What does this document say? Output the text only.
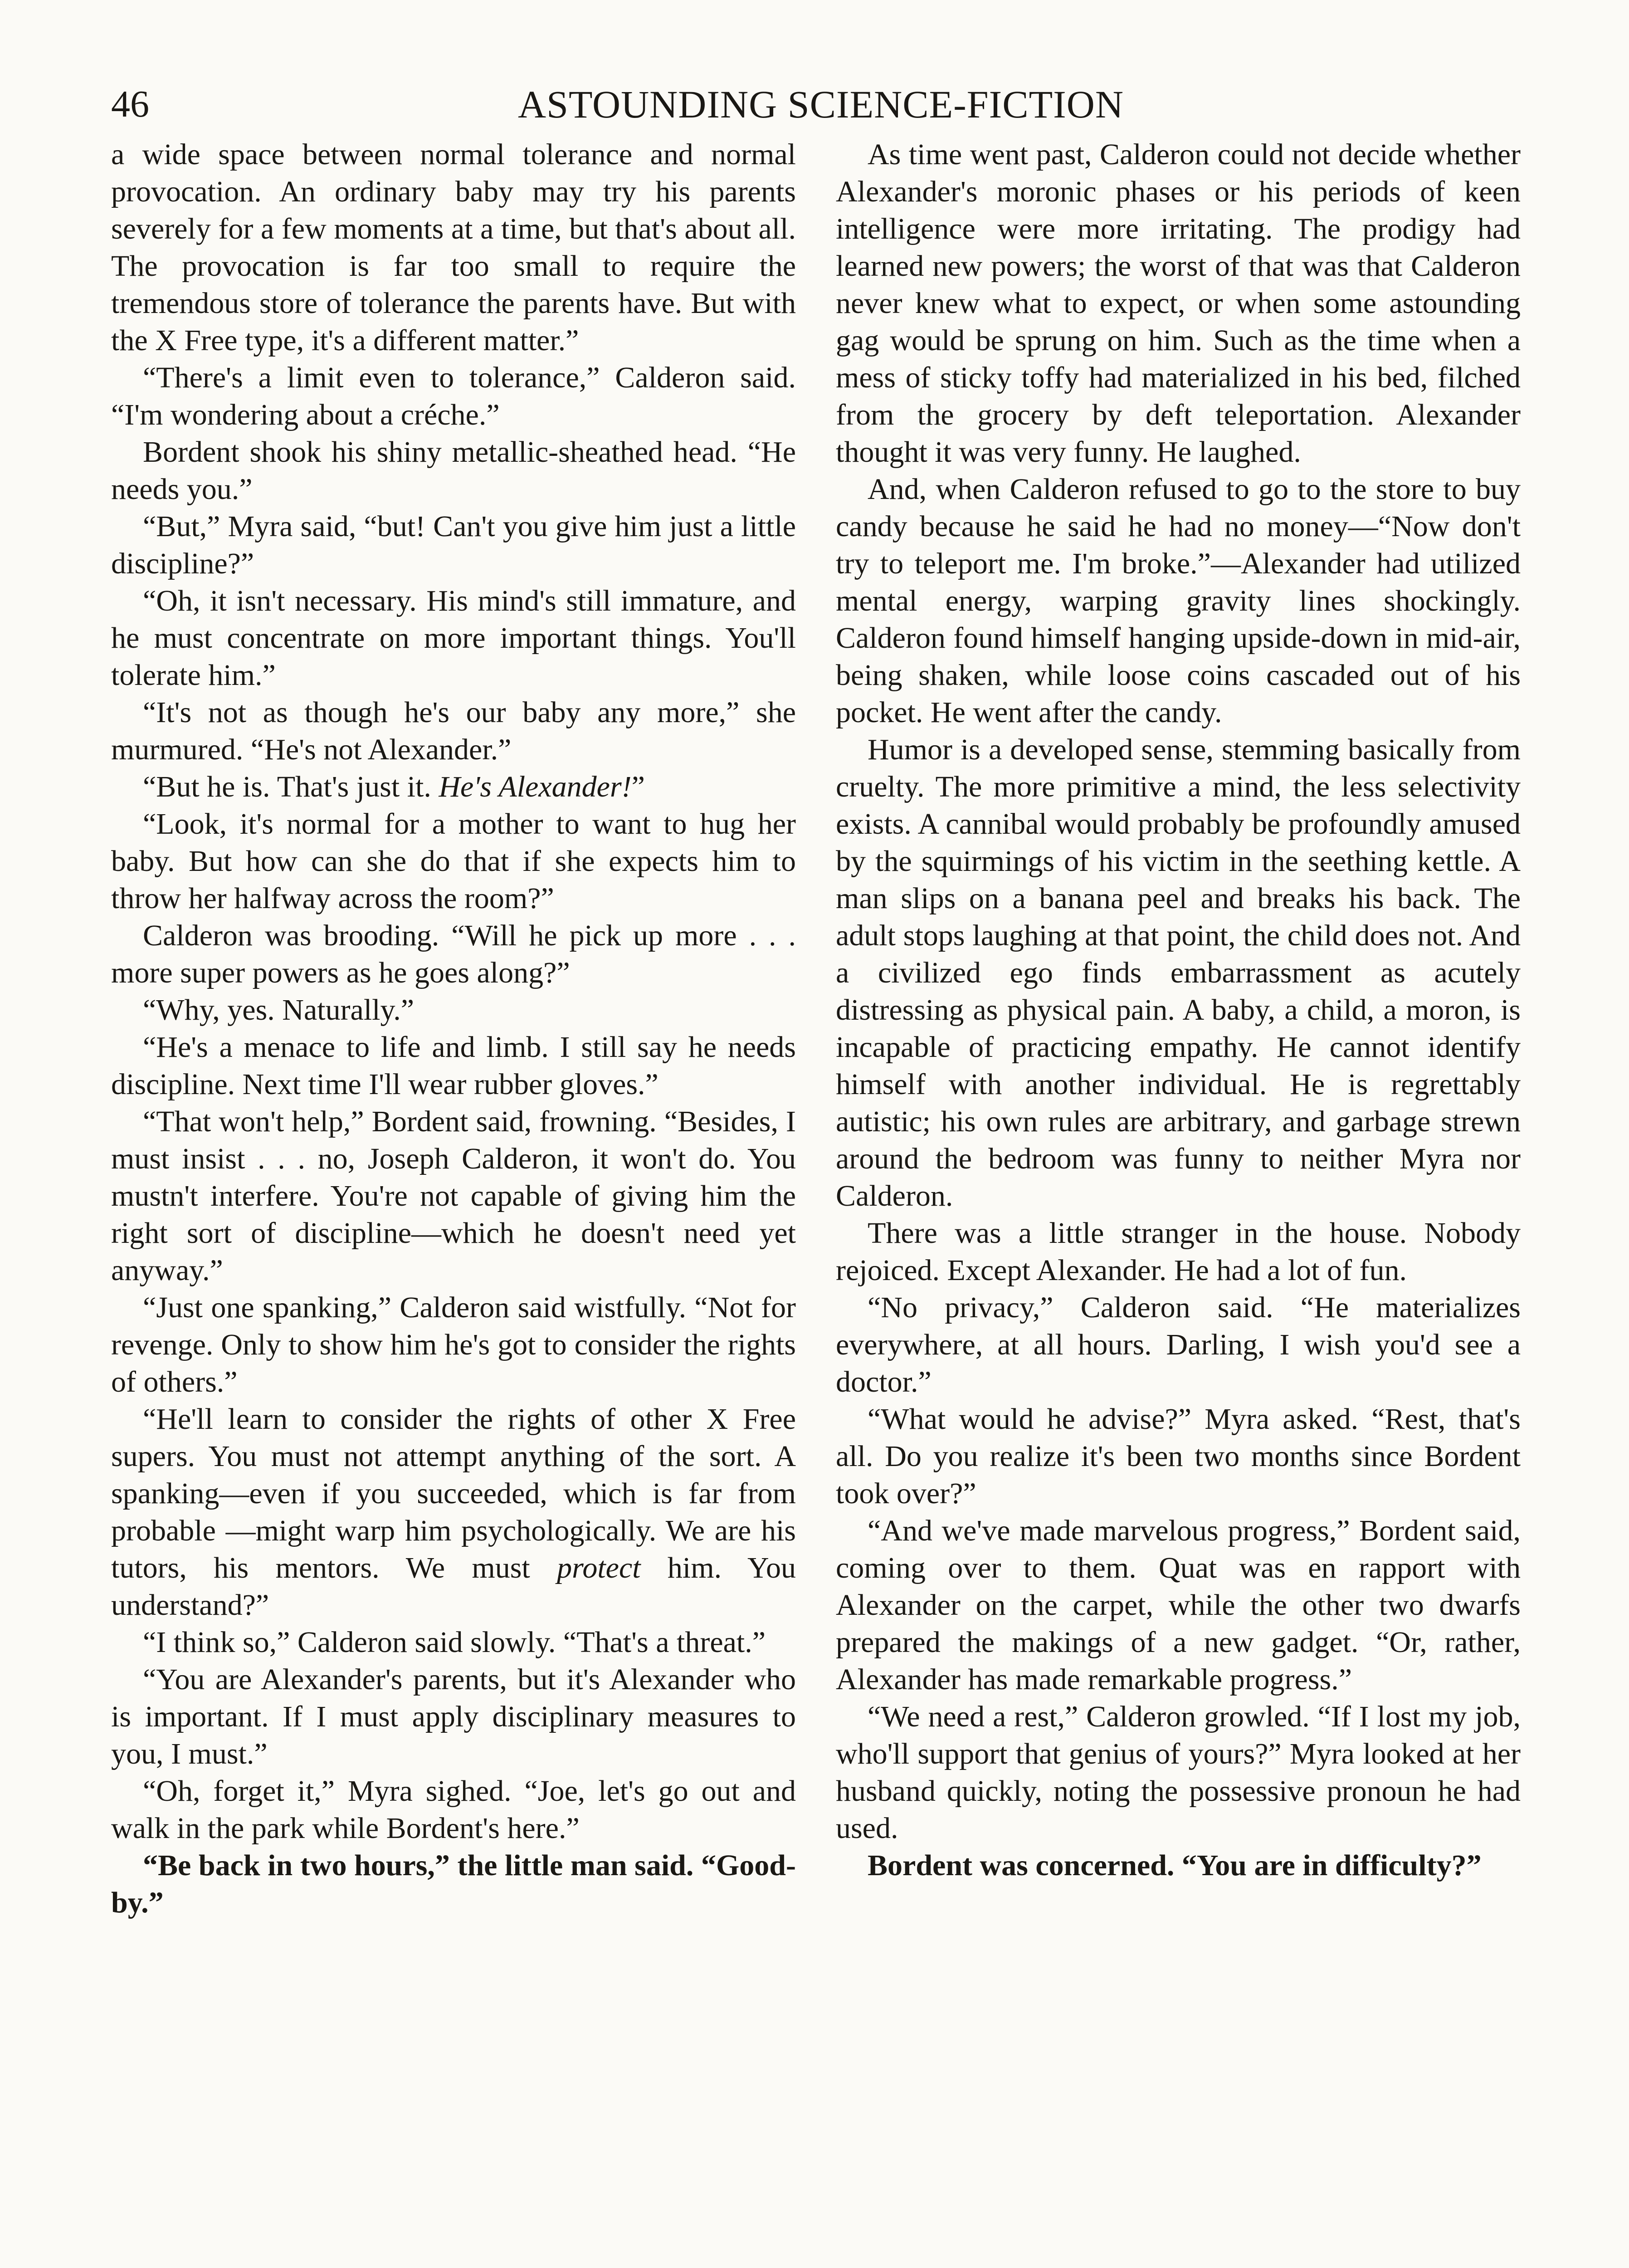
46	ASTOUNDING SCIENCE-FICTION

a wide space between normal tolerance and normal provocation. An ordinary baby may try his parents severely for a few moments at a time, but that's about all. The provocation is far too small to require the tremendous store of tolerance the parents have. But with the X Free type, it's a different matter.”

“There's a limit even to tolerance,” Calderon said. “I'm wondering about a créche.”

Bordent shook his shiny metallic-sheathed head. “He needs you.”

“But,” Myra said, “but! Can't you give him just a little discipline?”

“Oh, it isn't necessary. His mind's still immature, and he must concentrate on more important things. You'll tolerate him.”

“It's not as though he's our baby any more,” she murmured. “He's not Alexander.”

“But he is. That's just it. He's Alexander!”

“Look, it's normal for a mother to want to hug her baby. But how can she do that if she expects him to throw her halfway across the room?”

Calderon was brooding. “Will he pick up more . . . more super powers as he goes along?”

“Why, yes. Naturally.”

“He's a menace to life and limb. I still say he needs discipline. Next time I'll wear rubber gloves.”

“That won't help,” Bordent said, frowning. “Besides, I must insist . . . no, Joseph Calderon, it won't do. You mustn't interfere. You're not capable of giving him the right sort of discipline—which he doesn't need yet anyway.”

“Just one spanking,” Calderon said wistfully. “Not for revenge. Only to show him he's got to consider the rights of others.”

“He'll learn to consider the rights of other X Free supers. You must not attempt anything of the sort. A spanking—even if you succeeded, which is far from probable —might warp him psychologically. We are his tutors, his mentors. We must protect him. You understand?”

“I think so,” Calderon said slowly. “That's a threat.”

“You are Alexander's parents, but it's Alexander who is important. If I must apply disciplinary measures to you, I must.”

“Oh, forget it,” Myra sighed. “Joe, let's go out and walk in the park while Bordent's here.”

“Be back in two hours,” the little man said. “Good-by.”

As time went past, Calderon could not decide whether Alexander's moronic phases or his periods of keen intelligence were more irritating. The prodigy had learned new powers; the worst of that was that Calderon never knew what to expect, or when some astounding gag would be sprung on him. Such as the time when a mess of sticky toffy had materialized in his bed, filched from the grocery by deft teleportation. Alexander thought it was very funny. He laughed.

And, when Calderon refused to go to the store to buy candy because he said he had no money—“Now don't try to teleport me. I'm broke.”—Alexander had utilized mental energy, warping gravity lines shockingly. Calderon found himself hanging upside-down in mid-air, being shaken, while loose coins cascaded out of his pocket. He went after the candy.

Humor is a developed sense, stemming basically from cruelty. The more primitive a mind, the less selectivity exists. A cannibal would probably be profoundly amused by the squirmings of his victim in the seething kettle. A man slips on a banana peel and breaks his back. The adult stops laughing at that point, the child does not. And a civilized ego finds embarrassment as acutely distressing as physical pain. A baby, a child, a moron, is incapable of practicing empathy. He cannot identify himself with another individual. He is regrettably autistic; his own rules are arbitrary, and garbage strewn around the bedroom was funny to neither Myra nor Calderon.

There was a little stranger in the house. Nobody rejoiced. Except Alexander. He had a lot of fun.

“No privacy,” Calderon said. “He materializes everywhere, at all hours. Darling, I wish you'd see a doctor.”

“What would he advise?” Myra asked. “Rest, that's all. Do you realize it's been two months since Bordent took over?”

“And we've made marvelous progress,” Bordent said, coming over to them. Quat was en rapport with Alexander on the carpet, while the other two dwarfs prepared the makings of a new gadget. “Or, rather, Alexander has made remarkable progress.”

“We need a rest,” Calderon growled. “If I lost my job, who'll support that genius of yours?” Myra looked at her husband quickly, noting the possessive pronoun he had used.

Bordent was concerned. “You are in difficulty?”
